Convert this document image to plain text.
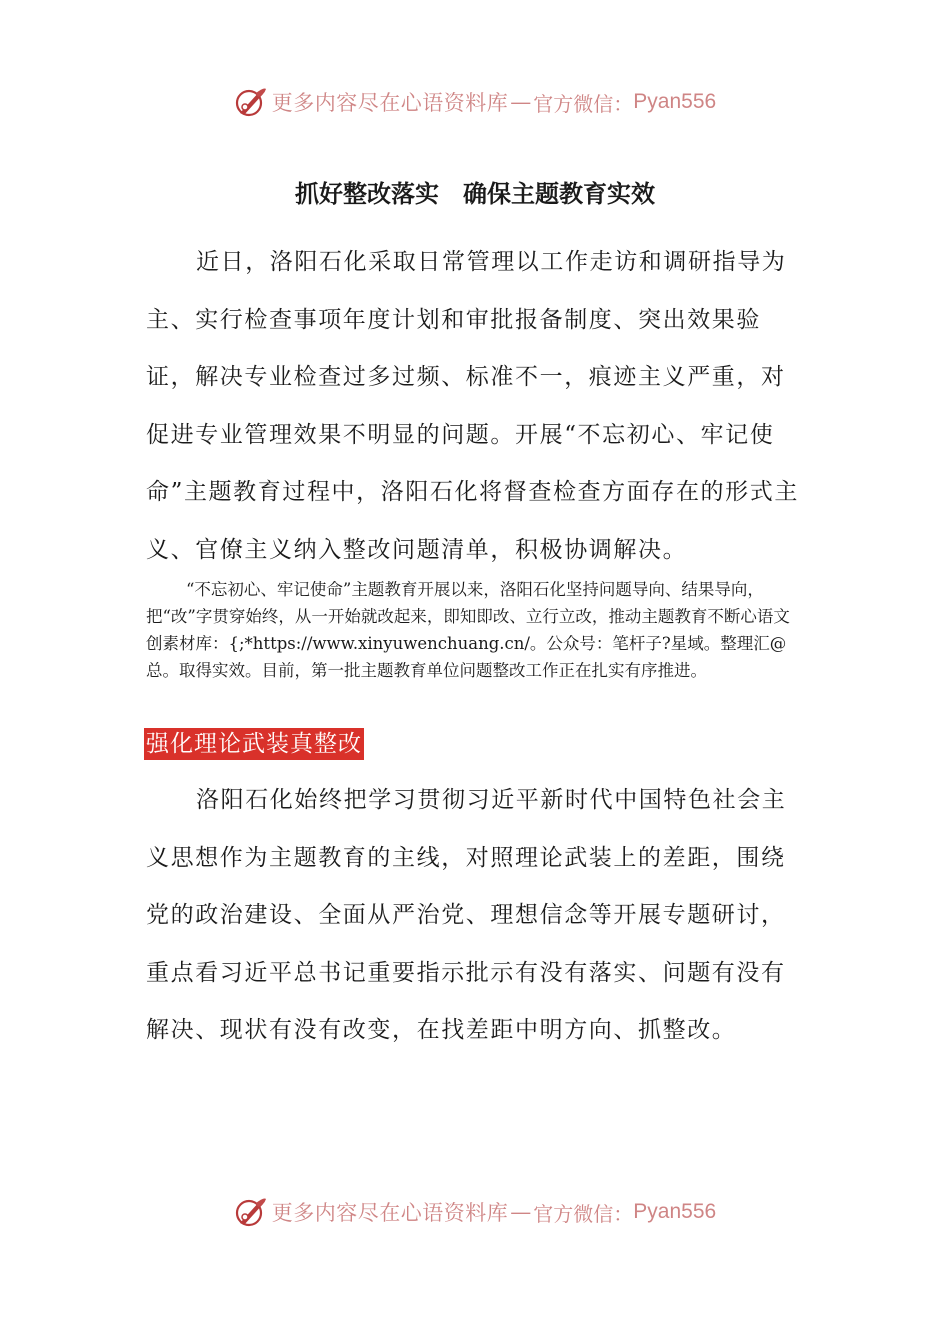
更多内容尽在心语资料库 — 官方微信： Pyan556
抓好整改落实　确保主题教育实效

近日，洛阳石化采取日常管理以工作走访和调研指导为主、实行检查事项年度计划和审批报备制度、突出效果验证，解决专业检查过多过频、标准不一，痕迹主义严重，对促进专业管理效果不明显的问题。开展“不忘初心、牢记使命”主题教育过程中，洛阳石化将督查检查方面存在的形式主义、官僚主义纳入整改问题清单，积极协调解决。

“不忘初心、牢记使命”主题教育开展以来，洛阳石化坚持问题导向、结果导向，把“改”字贯穿始终，从一开始就改起来，即知即改、立行立改，推动主题教育不断心语文创素材库：{;*https://www.xinyuwenchuang.cn/。公众号：笔杆子?星域。整理汇@总。取得实效。目前，第一批主题教育单位问题整改工作正在扎实有序推进。

强化理论武装真整改

洛阳石化始终把学习贯彻习近平新时代中国特色社会主义思想作为主题教育的主线，对照理论武装上的差距，围绕党的政治建设、全面从严治党、理想信念等开展专题研讨，重点看习近平总书记重要指示批示有没有落实、问题有没有解决、现状有没有改变，在找差距中明方向、抓整改。

更多内容尽在心语资料库 — 官方微信： Pyan556
